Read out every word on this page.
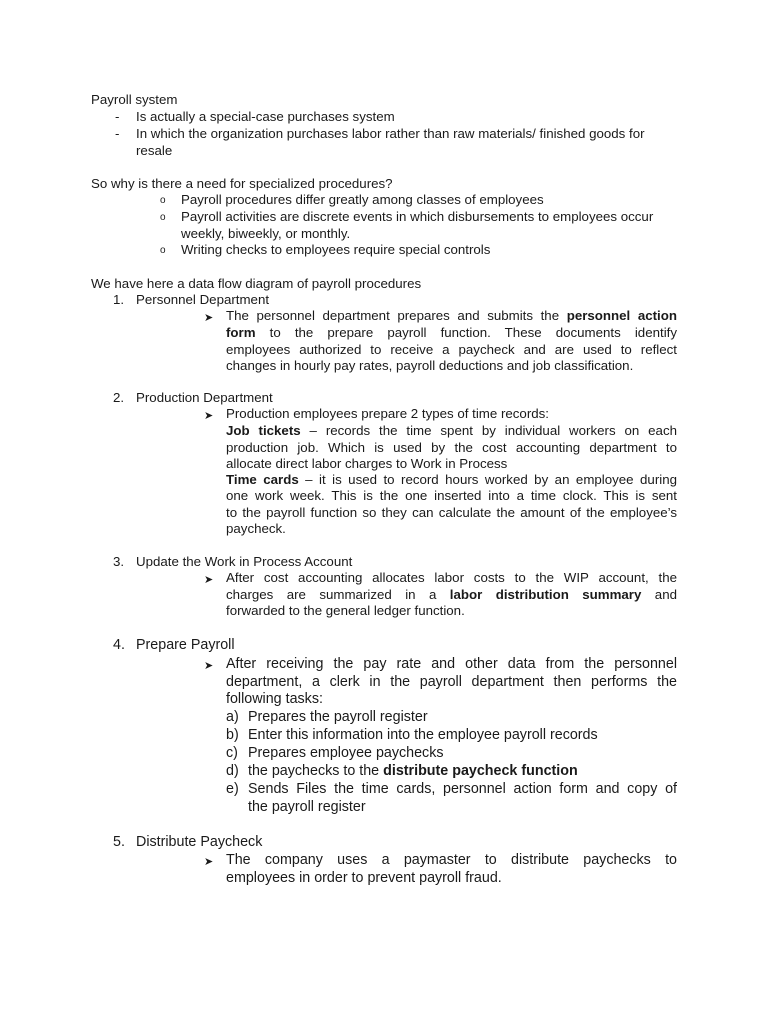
Payroll system
- Is actually a special-case purchases system
- In which the organization purchases labor rather than raw materials/ finished goods for
resale
So why is there a need for specialized procedures?
o Payroll procedures differ greatly among classes of employees
o Payroll activities are discrete events in which disbursements to employees occur
weekly, biweekly, or monthly.
o Writing checks to employees require special controls
We have here a data flow diagram of payroll procedures
1. Personnel Department
➤ The personnel department prepares and submits the personnel action
form to the prepare payroll function. These documents identify
employees authorized to receive a paycheck and are used to reflect
changes in hourly pay rates, payroll deductions and job classification.
2. Production Department
➤ Production employees prepare 2 types of time records:
Job tickets – records the time spent by individual workers on each
production job. Which is used by the cost accounting department to
allocate direct labor charges to Work in Process
Time cards – it is used to record hours worked by an employee during
one work week. This is the one inserted into a time clock. This is sent
to the payroll function so they can calculate the amount of the employee’s
paycheck.
3. Update the Work in Process Account
➤ After cost accounting allocates labor costs to the WIP account, the
charges are summarized in a labor distribution summary and
forwarded to the general ledger function.
4. Prepare Payroll
➤ After receiving the pay rate and other data from the personnel
department, a clerk in the payroll department then performs the
following tasks:
a) Prepares the payroll register
b) Enter this information into the employee payroll records
c) Prepares employee paychecks
d) the paychecks to the distribute paycheck function
e) Sends Files the time cards, personnel action form and copy of
the payroll register
5. Distribute Paycheck
➤ The company uses a paymaster to distribute paychecks to
employees in order to prevent payroll fraud.
